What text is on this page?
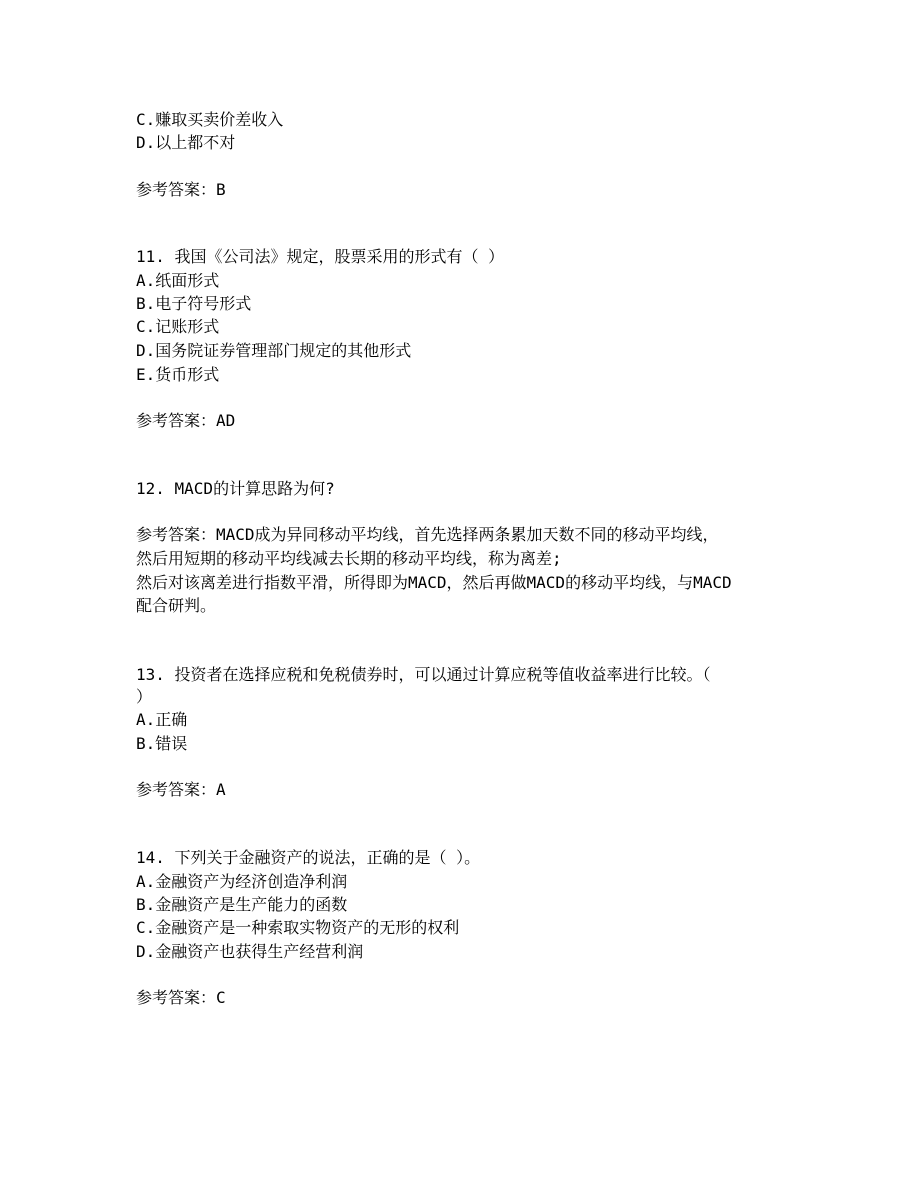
C.赚取买卖价差收入
D.以上都不对
参考答案：B
11. 我国《公司法》规定，股票采用的形式有（ ）
A.纸面形式
B.电子符号形式
C.记账形式
D.国务院证券管理部门规定的其他形式
E.货币形式
参考答案：AD
12. MACD的计算思路为何?
参考答案：MACD成为异同移动平均线，首先选择两条累加天数不同的移动平均线，
然后用短期的移动平均线减去长期的移动平均线，称为离差;
然后对该离差进行指数平滑，所得即为MACD，然后再做MACD的移动平均线，与MACD
配合研判。
13. 投资者在选择应税和免税债券时，可以通过计算应税等值收益率进行比较。（
）
A.正确
B.错误
参考答案：A
14. 下列关于金融资产的说法，正确的是（ ）。
A.金融资产为经济创造净利润
B.金融资产是生产能力的函数
C.金融资产是一种索取实物资产的无形的权利
D.金融资产也获得生产经营利润
参考答案：C
